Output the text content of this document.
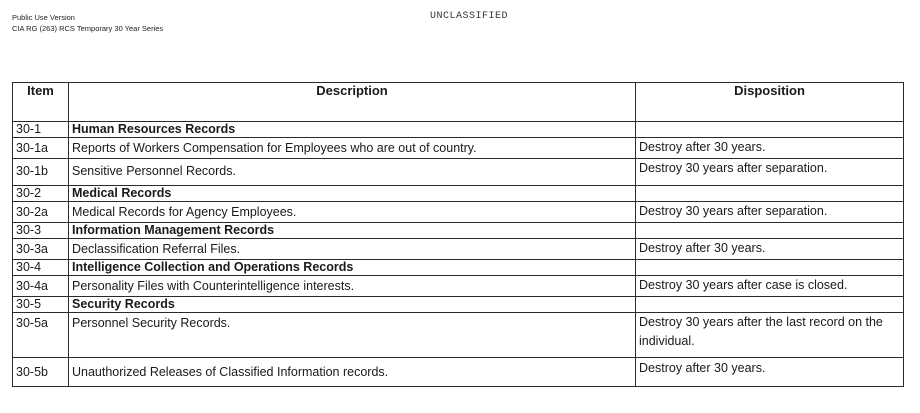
Public Use Version
CIA RG (263) RCS Temporary 30 Year Series
UNCLASSIFIED
Item	Description	Disposition
30-1	Human Resources Records	
30-1a	Reports of Workers Compensation for Employees who are out of country.	Destroy after 30 years.
30-1b	Sensitive Personnel Records.	Destroy 30 years after separation.
30-2	Medical Records	
30-2a	Medical Records for Agency Employees.	Destroy 30 years after separation.
30-3	Information Management Records	
30-3a	Declassification Referral Files.	Destroy after 30 years.
30-4	Intelligence Collection and Operations Records	
30-4a	Personality Files with Counterintelligence interests.	Destroy 30 years after case is closed.
30-5	Security Records	
30-5a	Personnel Security Records.	Destroy 30 years after the last record on the individual.
30-5b	Unauthorized Releases of Classified Information records.	Destroy after 30 years.
